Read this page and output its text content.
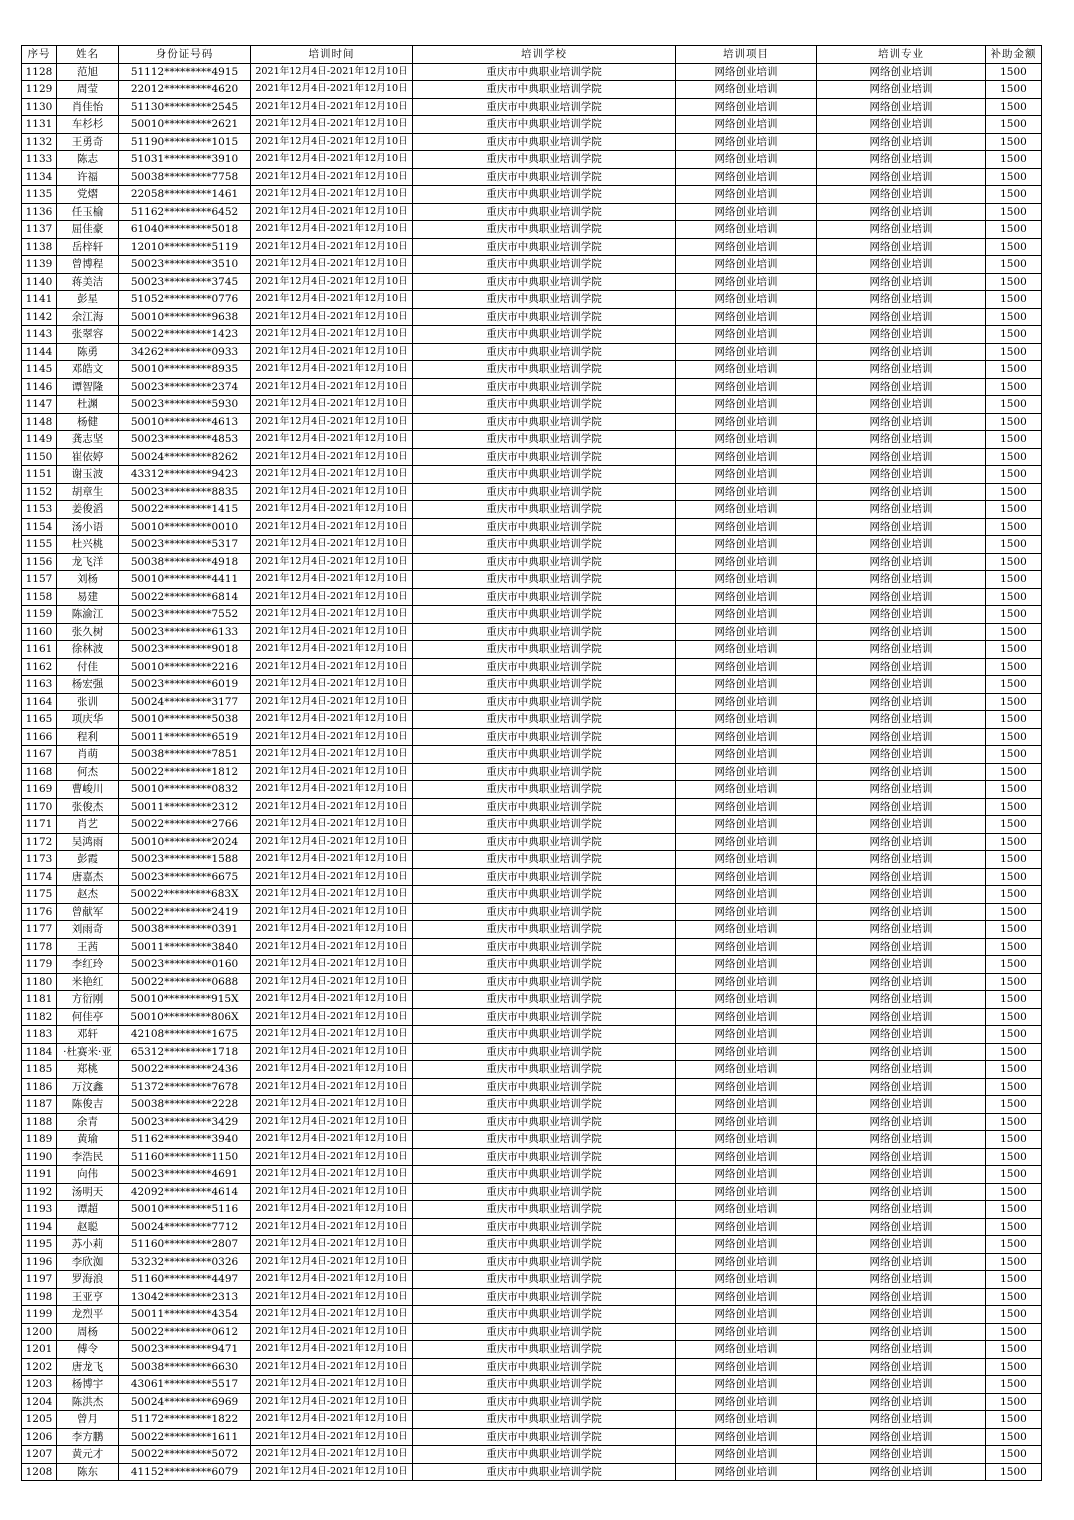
序号	姓名	身份证号码	培训时间	培训学校	培训项目	培训专业	补助金额
1128	范旭	51112*********4915	2021年12月4日-2021年12月10日	重庆市中典职业培训学院	网络创业培训	网络创业培训	1500
1129	周莹	22012*********4620	2021年12月4日-2021年12月10日	重庆市中典职业培训学院	网络创业培训	网络创业培训	1500
1130	肖佳怡	51130*********2545	2021年12月4日-2021年12月10日	重庆市中典职业培训学院	网络创业培训	网络创业培训	1500
1131	车杉杉	50010*********2621	2021年12月4日-2021年12月10日	重庆市中典职业培训学院	网络创业培训	网络创业培训	1500
1132	王勇奇	51190*********1015	2021年12月4日-2021年12月10日	重庆市中典职业培训学院	网络创业培训	网络创业培训	1500
1133	陈志	51031*********3910	2021年12月4日-2021年12月10日	重庆市中典职业培训学院	网络创业培训	网络创业培训	1500
1134	许福	50038*********7758	2021年12月4日-2021年12月10日	重庆市中典职业培训学院	网络创业培训	网络创业培训	1500
1135	党熠	22058*********1461	2021年12月4日-2021年12月10日	重庆市中典职业培训学院	网络创业培训	网络创业培训	1500
1136	任玉榆	51162*********6452	2021年12月4日-2021年12月10日	重庆市中典职业培训学院	网络创业培训	网络创业培训	1500
1137	屈佳豪	61040*********5018	2021年12月4日-2021年12月10日	重庆市中典职业培训学院	网络创业培训	网络创业培训	1500
1138	岳梓轩	12010*********5119	2021年12月4日-2021年12月10日	重庆市中典职业培训学院	网络创业培训	网络创业培训	1500
1139	曾博程	50023*********3510	2021年12月4日-2021年12月10日	重庆市中典职业培训学院	网络创业培训	网络创业培训	1500
1140	蒋美洁	50023*********3745	2021年12月4日-2021年12月10日	重庆市中典职业培训学院	网络创业培训	网络创业培训	1500
1141	彭星	51052*********0776	2021年12月4日-2021年12月10日	重庆市中典职业培训学院	网络创业培训	网络创业培训	1500
1142	余江海	50010*********9638	2021年12月4日-2021年12月10日	重庆市中典职业培训学院	网络创业培训	网络创业培训	1500
1143	张翠容	50022*********1423	2021年12月4日-2021年12月10日	重庆市中典职业培训学院	网络创业培训	网络创业培训	1500
1144	陈勇	34262*********0933	2021年12月4日-2021年12月10日	重庆市中典职业培训学院	网络创业培训	网络创业培训	1500
1145	邓皓文	50010*********8935	2021年12月4日-2021年12月10日	重庆市中典职业培训学院	网络创业培训	网络创业培训	1500
1146	谭智隆	50023*********2374	2021年12月4日-2021年12月10日	重庆市中典职业培训学院	网络创业培训	网络创业培训	1500
1147	杜渊	50023*********5930	2021年12月4日-2021年12月10日	重庆市中典职业培训学院	网络创业培训	网络创业培训	1500
1148	杨健	50010*********4613	2021年12月4日-2021年12月10日	重庆市中典职业培训学院	网络创业培训	网络创业培训	1500
1149	龚志坚	50023*********4853	2021年12月4日-2021年12月10日	重庆市中典职业培训学院	网络创业培训	网络创业培训	1500
1150	崔依婷	50024*********8262	2021年12月4日-2021年12月10日	重庆市中典职业培训学院	网络创业培训	网络创业培训	1500
1151	谢玉波	43312*********9423	2021年12月4日-2021年12月10日	重庆市中典职业培训学院	网络创业培训	网络创业培训	1500
1152	胡章生	50023*********8835	2021年12月4日-2021年12月10日	重庆市中典职业培训学院	网络创业培训	网络创业培训	1500
1153	姜俊滔	50022*********1415	2021年12月4日-2021年12月10日	重庆市中典职业培训学院	网络创业培训	网络创业培训	1500
1154	汤小语	50010*********0010	2021年12月4日-2021年12月10日	重庆市中典职业培训学院	网络创业培训	网络创业培训	1500
1155	杜兴桃	50023*********5317	2021年12月4日-2021年12月10日	重庆市中典职业培训学院	网络创业培训	网络创业培训	1500
1156	龙飞洋	50038*********4918	2021年12月4日-2021年12月10日	重庆市中典职业培训学院	网络创业培训	网络创业培训	1500
1157	刘杨	50010*********4411	2021年12月4日-2021年12月10日	重庆市中典职业培训学院	网络创业培训	网络创业培训	1500
1158	易建	50022*********6814	2021年12月4日-2021年12月10日	重庆市中典职业培训学院	网络创业培训	网络创业培训	1500
1159	陈渝江	50023*********7552	2021年12月4日-2021年12月10日	重庆市中典职业培训学院	网络创业培训	网络创业培训	1500
1160	张久树	50023*********6133	2021年12月4日-2021年12月10日	重庆市中典职业培训学院	网络创业培训	网络创业培训	1500
1161	徐林波	50023*********9018	2021年12月4日-2021年12月10日	重庆市中典职业培训学院	网络创业培训	网络创业培训	1500
1162	付佳	50010*********2216	2021年12月4日-2021年12月10日	重庆市中典职业培训学院	网络创业培训	网络创业培训	1500
1163	杨宏强	50023*********6019	2021年12月4日-2021年12月10日	重庆市中典职业培训学院	网络创业培训	网络创业培训	1500
1164	张训	50024*********3177	2021年12月4日-2021年12月10日	重庆市中典职业培训学院	网络创业培训	网络创业培训	1500
1165	项庆华	50010*********5038	2021年12月4日-2021年12月10日	重庆市中典职业培训学院	网络创业培训	网络创业培训	1500
1166	程利	50011*********6519	2021年12月4日-2021年12月10日	重庆市中典职业培训学院	网络创业培训	网络创业培训	1500
1167	肖萌	50038*********7851	2021年12月4日-2021年12月10日	重庆市中典职业培训学院	网络创业培训	网络创业培训	1500
1168	何杰	50022*********1812	2021年12月4日-2021年12月10日	重庆市中典职业培训学院	网络创业培训	网络创业培训	1500
1169	曹峻川	50010*********0832	2021年12月4日-2021年12月10日	重庆市中典职业培训学院	网络创业培训	网络创业培训	1500
1170	张俊杰	50011*********2312	2021年12月4日-2021年12月10日	重庆市中典职业培训学院	网络创业培训	网络创业培训	1500
1171	肖艺	50022*********2766	2021年12月4日-2021年12月10日	重庆市中典职业培训学院	网络创业培训	网络创业培训	1500
1172	吴鸿雨	50010*********2024	2021年12月4日-2021年12月10日	重庆市中典职业培训学院	网络创业培训	网络创业培训	1500
1173	彭霞	50023*********1588	2021年12月4日-2021年12月10日	重庆市中典职业培训学院	网络创业培训	网络创业培训	1500
1174	唐嘉杰	50023*********6675	2021年12月4日-2021年12月10日	重庆市中典职业培训学院	网络创业培训	网络创业培训	1500
1175	赵杰	50022*********683X	2021年12月4日-2021年12月10日	重庆市中典职业培训学院	网络创业培训	网络创业培训	1500
1176	曾献军	50022*********2419	2021年12月4日-2021年12月10日	重庆市中典职业培训学院	网络创业培训	网络创业培训	1500
1177	刘雨奇	50038*********0391	2021年12月4日-2021年12月10日	重庆市中典职业培训学院	网络创业培训	网络创业培训	1500
1178	王茜	50011*********3840	2021年12月4日-2021年12月10日	重庆市中典职业培训学院	网络创业培训	网络创业培训	1500
1179	李红玲	50023*********0160	2021年12月4日-2021年12月10日	重庆市中典职业培训学院	网络创业培训	网络创业培训	1500
1180	米艳红	50022*********0688	2021年12月4日-2021年12月10日	重庆市中典职业培训学院	网络创业培训	网络创业培训	1500
1181	方衍刚	50010*********915X	2021年12月4日-2021年12月10日	重庆市中典职业培训学院	网络创业培训	网络创业培训	1500
1182	何佳亭	50010*********806X	2021年12月4日-2021年12月10日	重庆市中典职业培训学院	网络创业培训	网络创业培训	1500
1183	邓轩	42108*********1675	2021年12月4日-2021年12月10日	重庆市中典职业培训学院	网络创业培训	网络创业培训	1500
1184	·杜赛米·亚	65312*********1718	2021年12月4日-2021年12月10日	重庆市中典职业培训学院	网络创业培训	网络创业培训	1500
1185	郑桃	50022*********2436	2021年12月4日-2021年12月10日	重庆市中典职业培训学院	网络创业培训	网络创业培训	1500
1186	万汶鑫	51372*********7678	2021年12月4日-2021年12月10日	重庆市中典职业培训学院	网络创业培训	网络创业培训	1500
1187	陈俊吉	50038*********2228	2021年12月4日-2021年12月10日	重庆市中典职业培训学院	网络创业培训	网络创业培训	1500
1188	余青	50023*********3429	2021年12月4日-2021年12月10日	重庆市中典职业培训学院	网络创业培训	网络创业培训	1500
1189	黄瑜	51162*********3940	2021年12月4日-2021年12月10日	重庆市中典职业培训学院	网络创业培训	网络创业培训	1500
1190	李浩民	51160*********1150	2021年12月4日-2021年12月10日	重庆市中典职业培训学院	网络创业培训	网络创业培训	1500
1191	向伟	50023*********4691	2021年12月4日-2021年12月10日	重庆市中典职业培训学院	网络创业培训	网络创业培训	1500
1192	汤明天	42092*********4614	2021年12月4日-2021年12月10日	重庆市中典职业培训学院	网络创业培训	网络创业培训	1500
1193	谭超	50010*********5116	2021年12月4日-2021年12月10日	重庆市中典职业培训学院	网络创业培训	网络创业培训	1500
1194	赵聪	50024*********7712	2021年12月4日-2021年12月10日	重庆市中典职业培训学院	网络创业培训	网络创业培训	1500
1195	苏小莉	51160*********2807	2021年12月4日-2021年12月10日	重庆市中典职业培训学院	网络创业培训	网络创业培训	1500
1196	李欣洳	53232*********0326	2021年12月4日-2021年12月10日	重庆市中典职业培训学院	网络创业培训	网络创业培训	1500
1197	罗海浪	51160*********4497	2021年12月4日-2021年12月10日	重庆市中典职业培训学院	网络创业培训	网络创业培训	1500
1198	王亚亨	13042*********2313	2021年12月4日-2021年12月10日	重庆市中典职业培训学院	网络创业培训	网络创业培训	1500
1199	龙烈平	50011*********4354	2021年12月4日-2021年12月10日	重庆市中典职业培训学院	网络创业培训	网络创业培训	1500
1200	周杨	50022*********0612	2021年12月4日-2021年12月10日	重庆市中典职业培训学院	网络创业培训	网络创业培训	1500
1201	傅令	50023*********9471	2021年12月4日-2021年12月10日	重庆市中典职业培训学院	网络创业培训	网络创业培训	1500
1202	唐龙飞	50038*********6630	2021年12月4日-2021年12月10日	重庆市中典职业培训学院	网络创业培训	网络创业培训	1500
1203	杨博宇	43061*********5517	2021年12月4日-2021年12月10日	重庆市中典职业培训学院	网络创业培训	网络创业培训	1500
1204	陈洪杰	50024*********6969	2021年12月4日-2021年12月10日	重庆市中典职业培训学院	网络创业培训	网络创业培训	1500
1205	曾月	51172*********1822	2021年12月4日-2021年12月10日	重庆市中典职业培训学院	网络创业培训	网络创业培训	1500
1206	李方鹏	50022*********1611	2021年12月4日-2021年12月10日	重庆市中典职业培训学院	网络创业培训	网络创业培训	1500
1207	黄元才	50022*********5072	2021年12月4日-2021年12月10日	重庆市中典职业培训学院	网络创业培训	网络创业培训	1500
1208	陈东	41152*********6079	2021年12月4日-2021年12月10日	重庆市中典职业培训学院	网络创业培训	网络创业培训	1500
